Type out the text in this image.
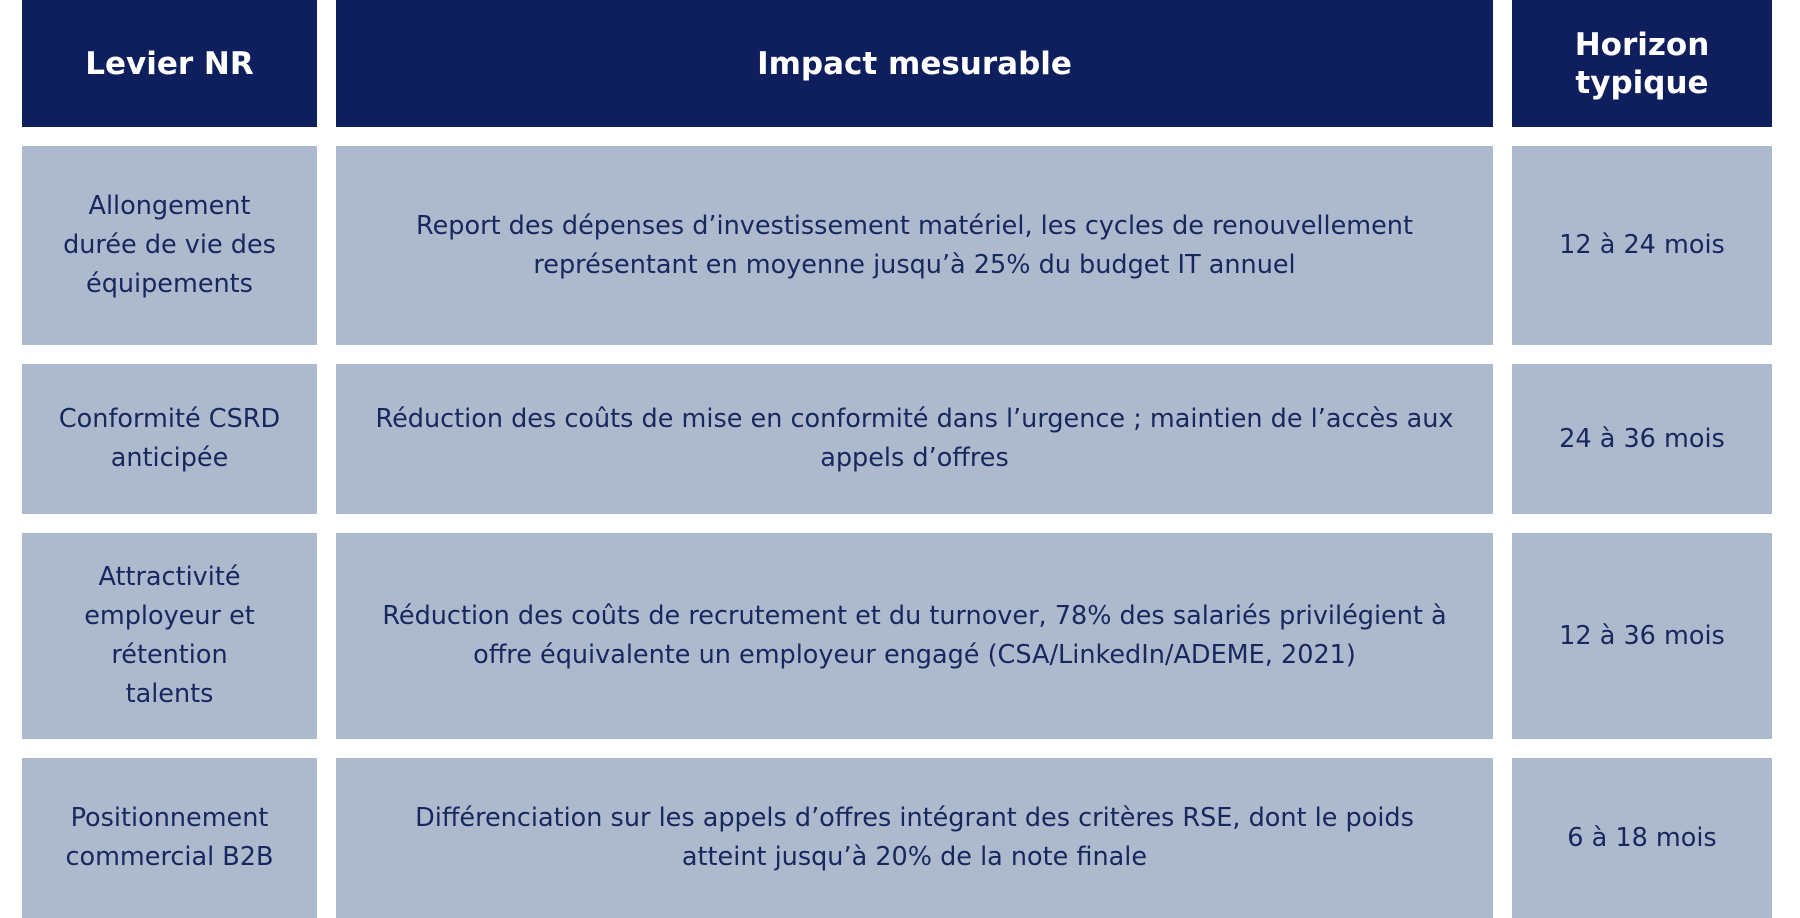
Levier NR	Impact mesurable
Horizon typique
Allongement durée de vie des équipements
Report des dépenses d’investissement matériel, les cycles de renouvellement représentant en moyenne jusqu’à 25% du budget IT annuel
12 à 24 mois
Conformité CSRD anticipée
Réduction des coûts de mise en conformité dans l’urgence ; maintien de l’accès aux appels d’offres
24 à 36 mois
Attractivité employeur et rétention talents
Réduction des coûts de recrutement et du turnover, 78% des salariés privilégient à offre équivalente un employeur engagé (CSA/LinkedIn/ADEME, 2021)
12 à 36 mois
Positionnement commercial B2B
Différenciation sur les appels d’offres intégrant des critères RSE, dont le poids atteint jusqu’à 20% de la note finale
6 à 18 mois
